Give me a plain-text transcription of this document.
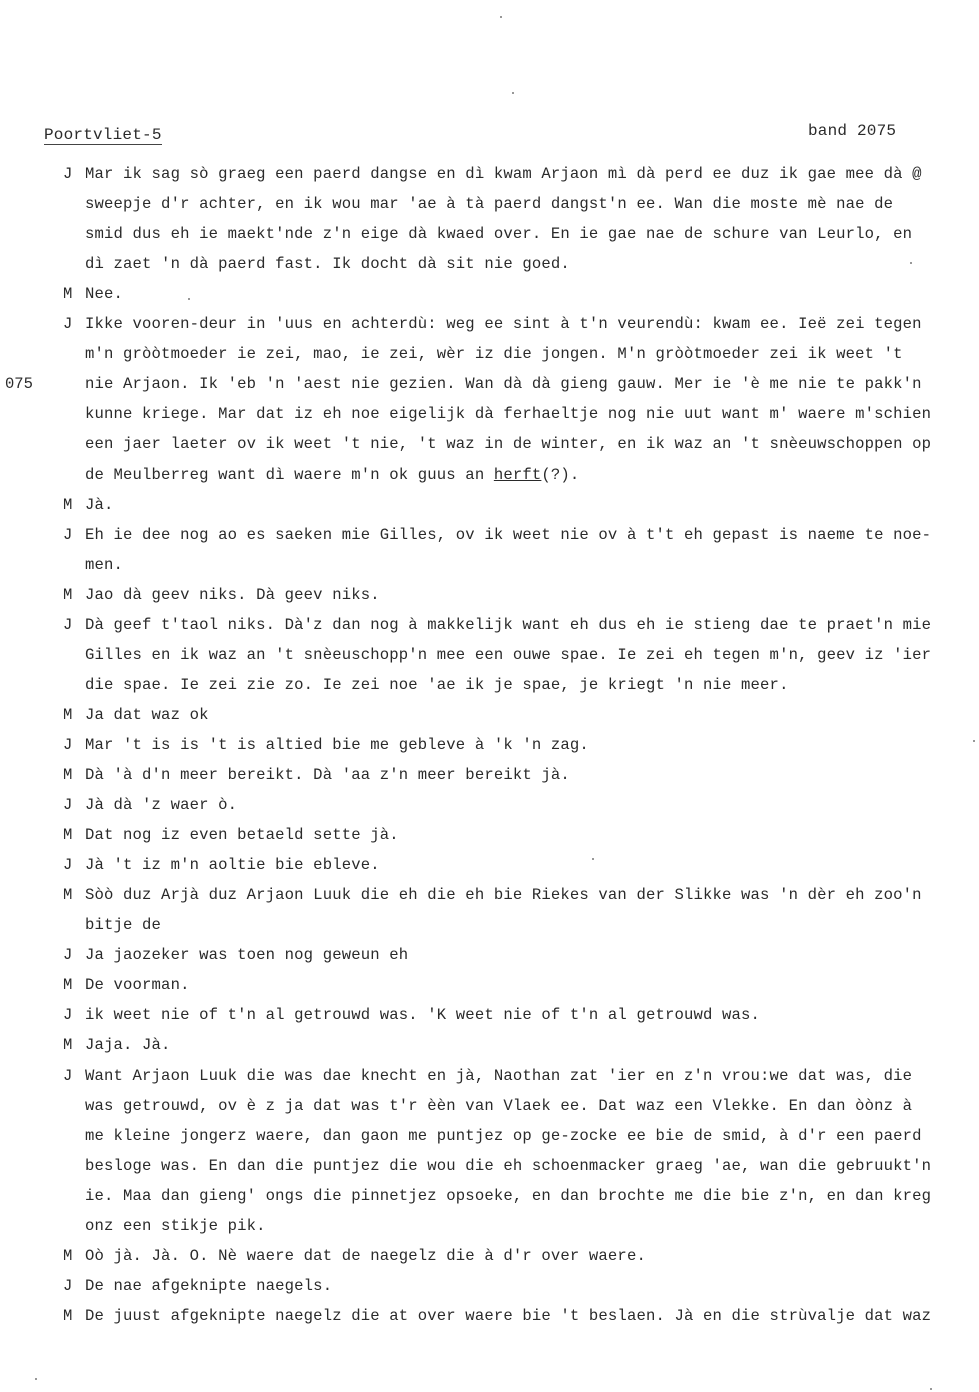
Poortvliet-5	band 2075
075
J Mar ik sag sò graeg een paerd dangse en dì kwam Arjaon mì dà perd ee duz ik gae mee dà @
sweepje d'r achter, en ik wou mar 'ae à tà paerd dangst'n ee. Wan die moste mè nae de
smid dus eh ie maekt'nde z'n eige dà kwaed over. En ie gae nae de schure van Leurlo, en
dì zaet 'n dà paerd fast. Ik docht dà sit nie goed.
M Nee.
J Ikke vooren-deur in 'uus en achterdù: weg ee sint à t'n veurendù: kwam ee. Ieë zei tegen
m'n gròòtmoeder ie zei, mao, ie zei, wèr iz die jongen. M'n gròòtmoeder zei ik weet 't
nie Arjaon. Ik 'eb 'n 'aest nie gezien. Wan dà dà gieng gauw. Mer ie 'è me nie te pakk'n
kunne kriege. Mar dat iz eh noe eigelijk dà ferhaeltje nog nie uut want m' waere m'schien
een jaer laeter ov ik weet 't nie, 't waz in de winter, en ik waz an 't snèeuwschoppen op
de Meulberreg want dì waere m'n ok guus an herft(?).
M Jà.
J Eh ie dee nog ao es saeken mie Gilles, ov ik weet nie ov à t't eh gepast is naeme te noe-
men.
M Jao dà geev niks. Dà geev niks.
J Dà geef t'taol niks. Dà'z dan nog à makkelijk want eh dus eh ie stieng dae te praet'n mie
Gilles en ik waz an 't snèeuschopp'n mee een ouwe spae. Ie zei eh tegen m'n, geev iz 'ier
die spae. Ie zei zie zo. Ie zei noe 'ae ik je spae, je kriegt 'n nie meer.
M Ja dat waz ok
J Mar 't is is 't is altied bie me gebleve à 'k 'n zag.
M Dà 'à d'n meer bereikt. Dà 'aa z'n meer bereikt jà.
J Jà dà 'z waer ò.
M Dat nog iz even betaeld sette jà.
J Jà 't iz m'n aoltie bie ebleve.
M Sòò duz Arjà duz Arjaon Luuk die eh die eh bie Riekes van der Slikke was 'n dèr eh zoo'n
bitje de
J Ja jaozeker was toen nog geweun eh
M De voorman.
J ik weet nie of t'n al getrouwd was. 'K weet nie of t'n al getrouwd was.
M Jaja. Jà.
J Want Arjaon Luuk die was dae knecht en jà, Naothan zat 'ier en z'n vrou:we dat was, die
was getrouwd, ov è z ja dat was t'r èèn van Vlaek ee. Dat waz een Vlekke. En dan òònz à
me kleine jongerz waere, dan gaon me puntjez op ge-zocke ee bie de smid, à d'r een paerd
besloge was. En dan die puntjez die wou die eh schoenmacker graeg 'ae, wan die gebruukt'n
ie. Maa dan gieng' ongs die pinnetjez opsoeke, en dan brochte me die bie z'n, en dan kreg
onz een stikje pik.
M Oò jà. Jà. O. Nè waere dat de naegelz die à d'r over waere.
J De nae afgeknipte naegels.
M De juust afgeknipte naegelz die at over waere bie 't beslaen. Jà en die strùvalje dat waz
